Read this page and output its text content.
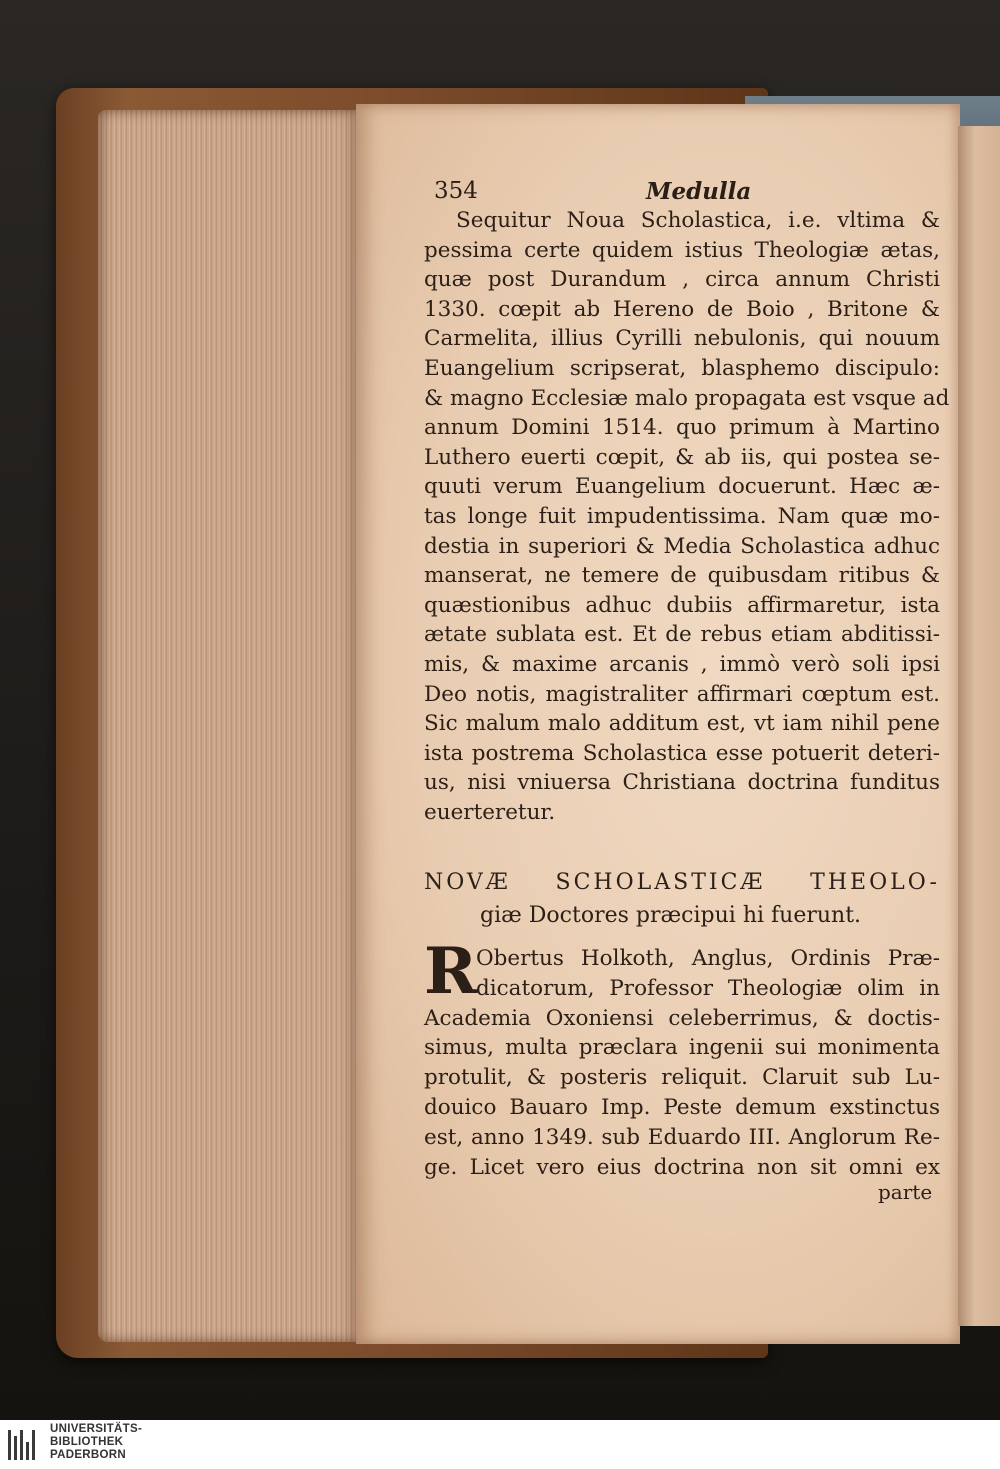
354	Medulla
Sequitur Noua Scholastica, i.e. vltima &
pessima certe quidem istius Theologiæ ætas,
quæ post Durandum , circa annum Christi
1330. cœpit ab Hereno de Boio , Britone &
Carmelita, illius Cyrilli nebulonis, qui nouum
Euangelium scripserat, blasphemo discipulo:
& magno Ecclesiæ malo propagata est vsque ad
annum Domini 1514. quo primum à Martino
Luthero euerti cœpit, & ab iis, qui postea se-
quuti verum Euangelium docuerunt. Hæc æ-
tas longe fuit impudentissima. Nam quæ mo-
destia in superiori & Media Scholastica adhuc
manserat, ne temere de quibusdam ritibus &
quæstionibus adhuc dubiis affirmaretur, ista
ætate sublata est. Et de rebus etiam abditissi-
mis, & maxime arcanis , immò verò soli ipsi
Deo notis, magistraliter affirmari cœptum est.
Sic malum malo additum est, vt iam nihil pene
ista postrema Scholastica esse potuerit deteri-
us, nisi vniuersa Christiana doctrina funditus
euerteretur.
NOVÆ SCHOLASTICÆ THEOLO-
giæ Doctores præcipui hi fuerunt.
R
Obertus Holkoth, Anglus, Ordinis Præ-
dicatorum, Professor Theologiæ olim in
Academia Oxoniensi celeberrimus, & doctis-
simus, multa præclara ingenii sui monimenta
protulit, & posteris reliquit. Claruit sub Lu-
douico Bauaro Imp. Peste demum exstinctus
est, anno 1349. sub Eduardo III. Anglorum Re-
ge. Licet vero eius doctrina non sit omni ex
parte
UNIVERSITÄTS-
BIBLIOTHEK
PADERBORN
